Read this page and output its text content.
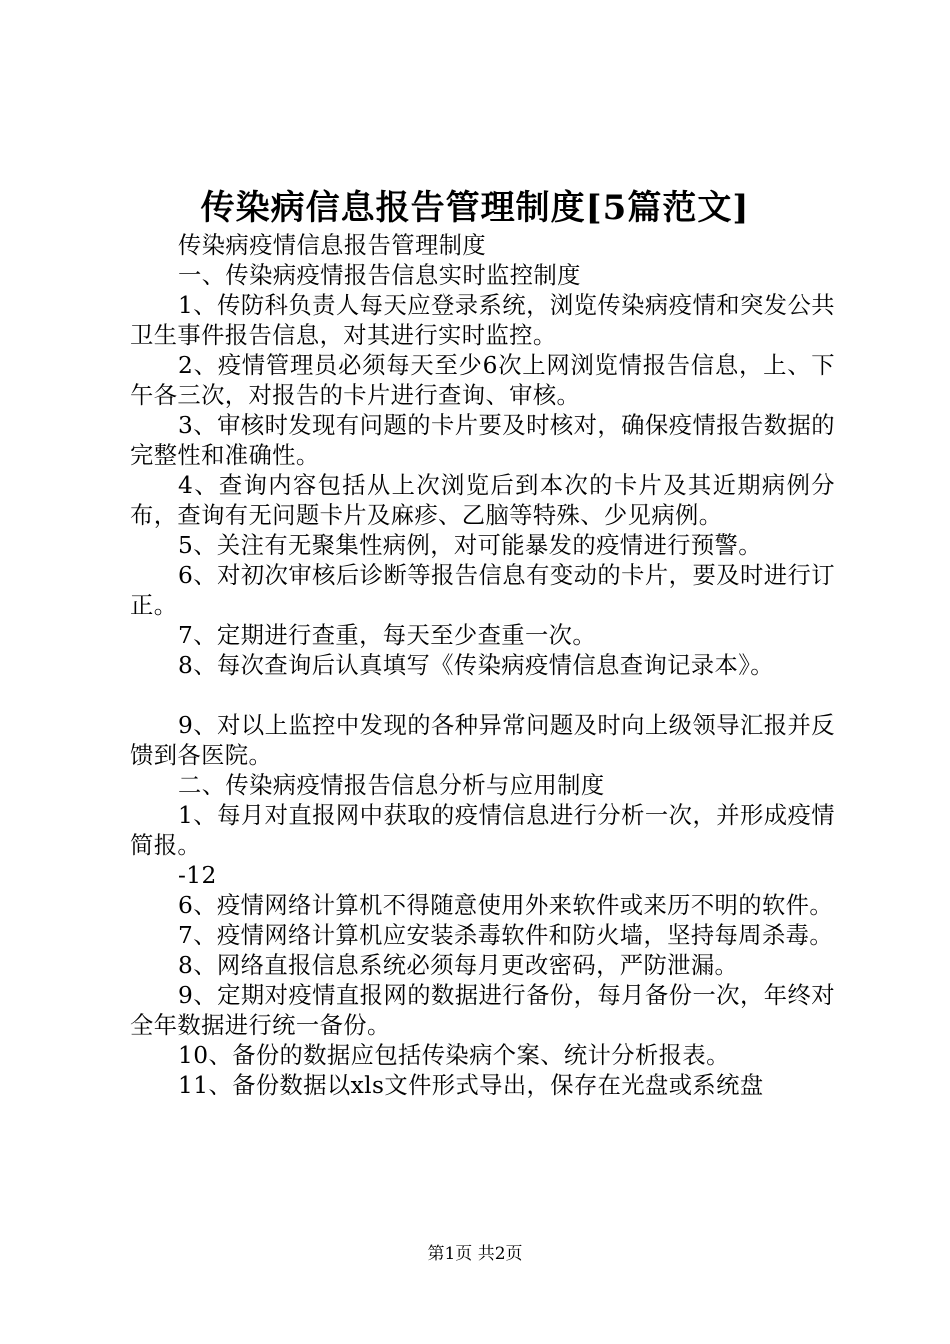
传染病信息报告管理制度[5篇范文]

传染病疫情信息报告管理制度

一、传染病疫情报告信息实时监控制度

1、传防科负责人每天应登录系统，浏览传染病疫情和突发公共卫生事件报告信息，对其进行实时监控。

2、疫情管理员必须每天至少6次上网浏览情报告信息，上、下午各三次，对报告的卡片进行查询、审核。

3、审核时发现有问题的卡片要及时核对，确保疫情报告数据的完整性和准确性。

4、查询内容包括从上次浏览后到本次的卡片及其近期病例分布，查询有无问题卡片及麻疹、乙脑等特殊、少见病例。

5、关注有无聚集性病例，对可能暴发的疫情进行预警。

6、对初次审核后诊断等报告信息有变动的卡片，要及时进行订正。

7、定期进行查重，每天至少查重一次。

8、每次查询后认真填写《传染病疫情信息查询记录本》。

9、对以上监控中发现的各种异常问题及时向上级领导汇报并反馈到各医院。

二、传染病疫情报告信息分析与应用制度

1、每月对直报网中获取的疫情信息进行分析一次，并形成疫情简报。

-12

6、疫情网络计算机不得随意使用外来软件或来历不明的软件。

7、疫情网络计算机应安装杀毒软件和防火墙，坚持每周杀毒。

8、网络直报信息系统必须每月更改密码，严防泄漏。

9、定期对疫情直报网的数据进行备份，每月备份一次，年终对全年数据进行统一备份。

10、备份的数据应包括传染病个案、统计分析报表。

11、备份数据以xls文件形式导出，保存在光盘或系统盘

第1页 共2页
